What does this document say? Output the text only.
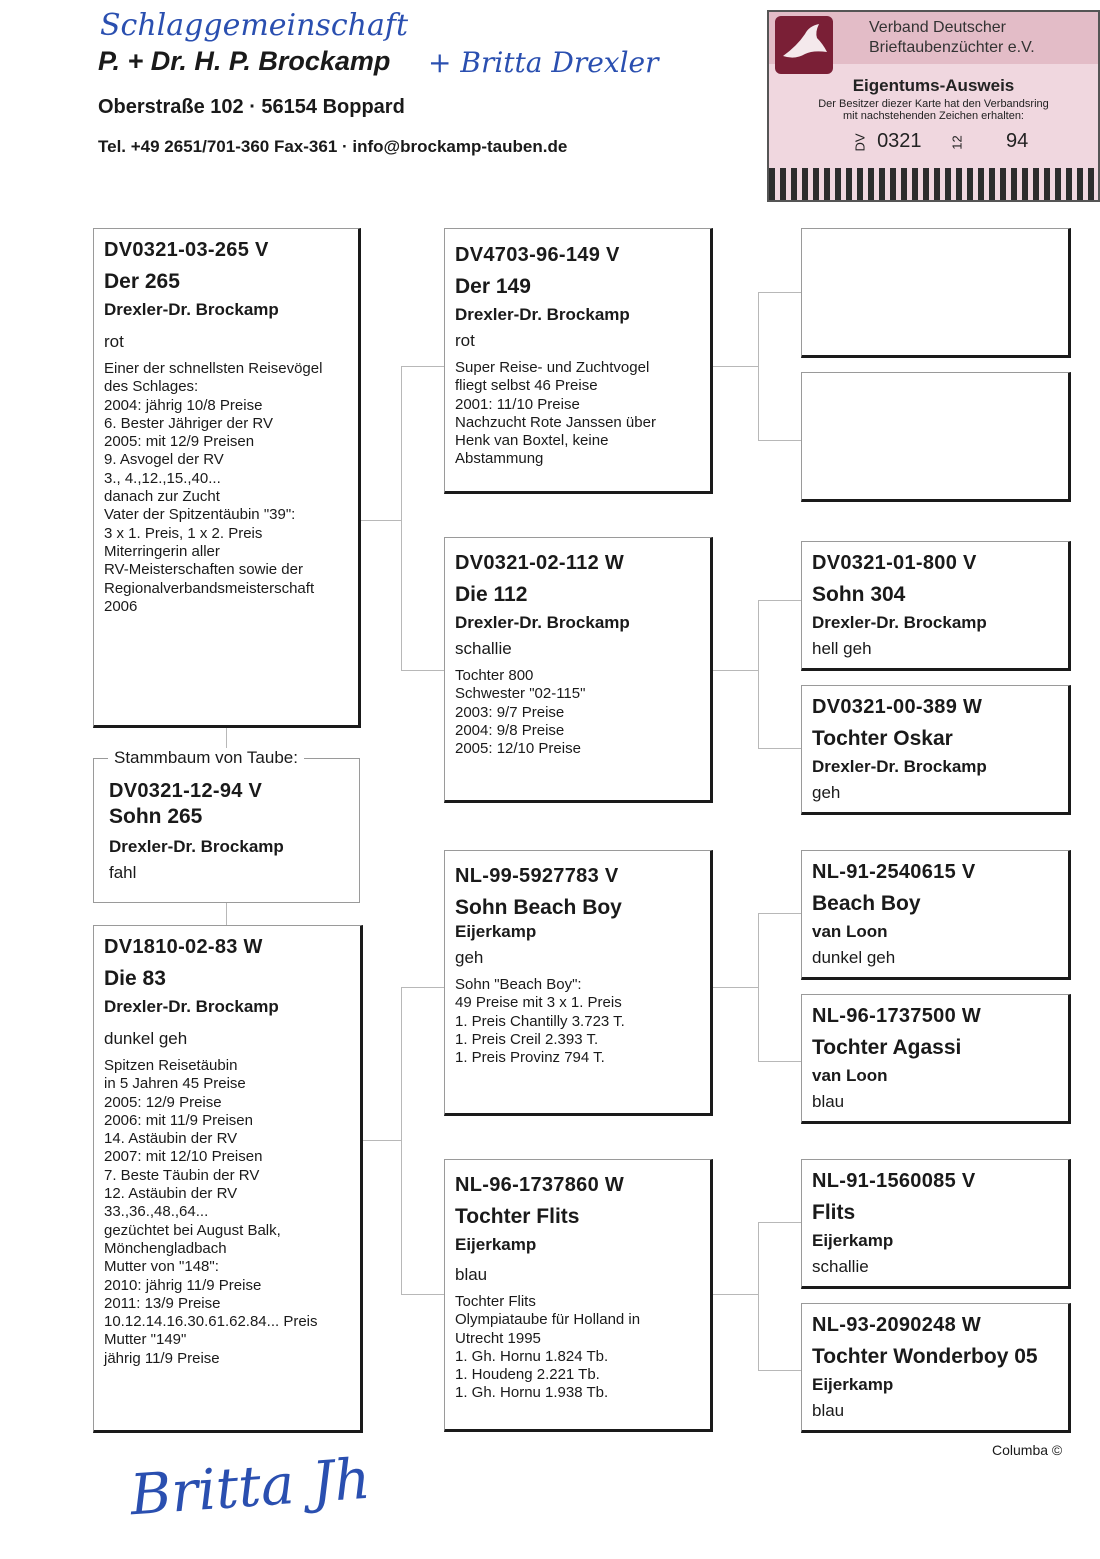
Schlaggemeinschaft
P. + Dr. H. P. Brockamp + Britta Drexler
Oberstraße 102 · 56154 Boppard
Tel. +49 2651/701-360 Fax-361 · info@brockamp-tauben.de
Verband Deutscher
Brieftaubenzüchter e.V.
Eigentums-Ausweis
Der Besitzer diezer Karte hat den Verbandsring
mit nachstehenden Zeichen erhalten:
DV 0321 12 94
DV0321-03-265 V
Der 265
Drexler-Dr. Brockamp
rot
Einer der schnellsten Reisevögel
des Schlages:
2004: jährig 10/8 Preise
6. Bester Jähriger der RV
2005: mit 12/9 Preisen
9. Asvogel der RV
3., 4.,12.,15.,40...
danach zur Zucht
Vater der Spitzentäubin "39":
3 x 1. Preis, 1 x 2. Preis
Miterringerin aller
RV-Meisterschaften sowie der
Regionalverbandsmeisterschaft
2006
Stammbaum von Taube:
DV0321-12-94 V
Sohn 265
Drexler-Dr. Brockamp
fahl
DV1810-02-83 W
Die 83
Drexler-Dr. Brockamp
dunkel geh
Spitzen Reisetäubin
in 5 Jahren 45 Preise
2005: 12/9 Preise
2006: mit 11/9 Preisen
14. Astäubin der RV
2007: mit 12/10 Preisen
7. Beste Täubin der RV
12. Astäubin der RV
33.,36.,48.,64...
gezüchtet bei August Balk,
Mönchengladbach
Mutter von "148":
2010: jährig 11/9 Preise
2011: 13/9 Preise
10.12.14.16.30.61.62.84... Preis
Mutter "149"
jährig 11/9 Preise
DV4703-96-149 V
Der 149
Drexler-Dr. Brockamp
rot
Super Reise- und Zuchtvogel
fliegt selbst 46 Preise
2001: 11/10 Preise
Nachzucht Rote Janssen über
Henk van Boxtel, keine
Abstammung
DV0321-02-112 W
Die 112
Drexler-Dr. Brockamp
schallie
Tochter 800
Schwester "02-115"
2003: 9/7 Preise
2004: 9/8 Preise
2005: 12/10 Preise
NL-99-5927783 V
Sohn Beach Boy
Eijerkamp
geh
Sohn "Beach Boy":
49 Preise mit 3 x 1. Preis
1. Preis Chantilly 3.723 T.
1. Preis Creil 2.393 T.
1. Preis Provinz 794 T.
NL-96-1737860 W
Tochter Flits
Eijerkamp
blau
Tochter Flits
Olympiataube für Holland in
Utrecht 1995
1. Gh. Hornu 1.824 Tb.
1. Houdeng 2.221 Tb.
1. Gh. Hornu 1.938 Tb.
DV0321-01-800 V
Sohn 304
Drexler-Dr. Brockamp
hell geh
DV0321-00-389 W
Tochter Oskar
Drexler-Dr. Brockamp
geh
NL-91-2540615 V
Beach Boy
van Loon
dunkel geh
NL-96-1737500 W
Tochter Agassi
van Loon
blau
NL-91-1560085 V
Flits
Eijerkamp
schallie
NL-93-2090248 W
Tochter Wonderboy 05
Eijerkamp
blau
Columba ©
Britta Jh
